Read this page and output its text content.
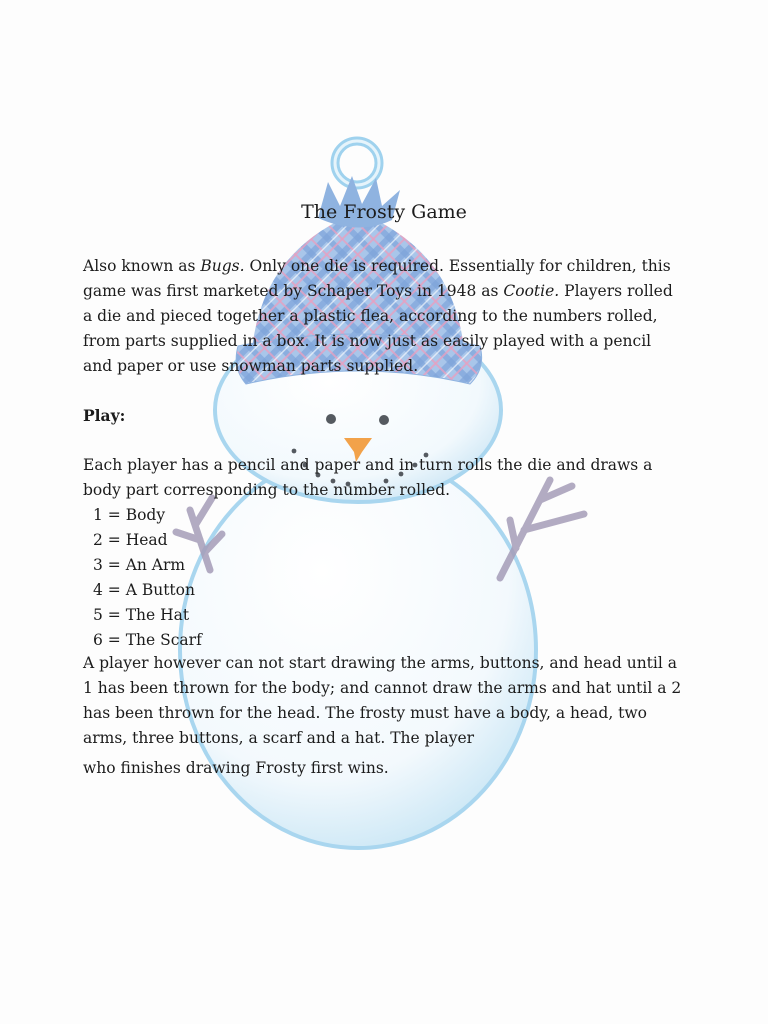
The Frosty Game

Also known as Bugs. Only one die is required. Essentially for children, this game was first marketed by Schaper Toys in 1948 as Cootie. Players rolled a die and pieced together a plastic flea, according to the numbers rolled, from parts supplied in a box. It is now just as easily played with a pencil and paper or use snowman parts supplied.

Play:

Each player has a pencil and paper and in turn rolls the die and draws a body part corresponding to the number rolled.

1 = Body
2 = Head
3 = An Arm
4 = A Button
5 = The Hat
6 = The Scarf

A player however can not start drawing the arms, buttons, and head until a 1 has been thrown for the body; and cannot draw the arms and hat until a 2 has been thrown for the head. The frosty must have a body, a head, two arms, three buttons, a scarf and a hat. The player
who finishes drawing Frosty first wins.
